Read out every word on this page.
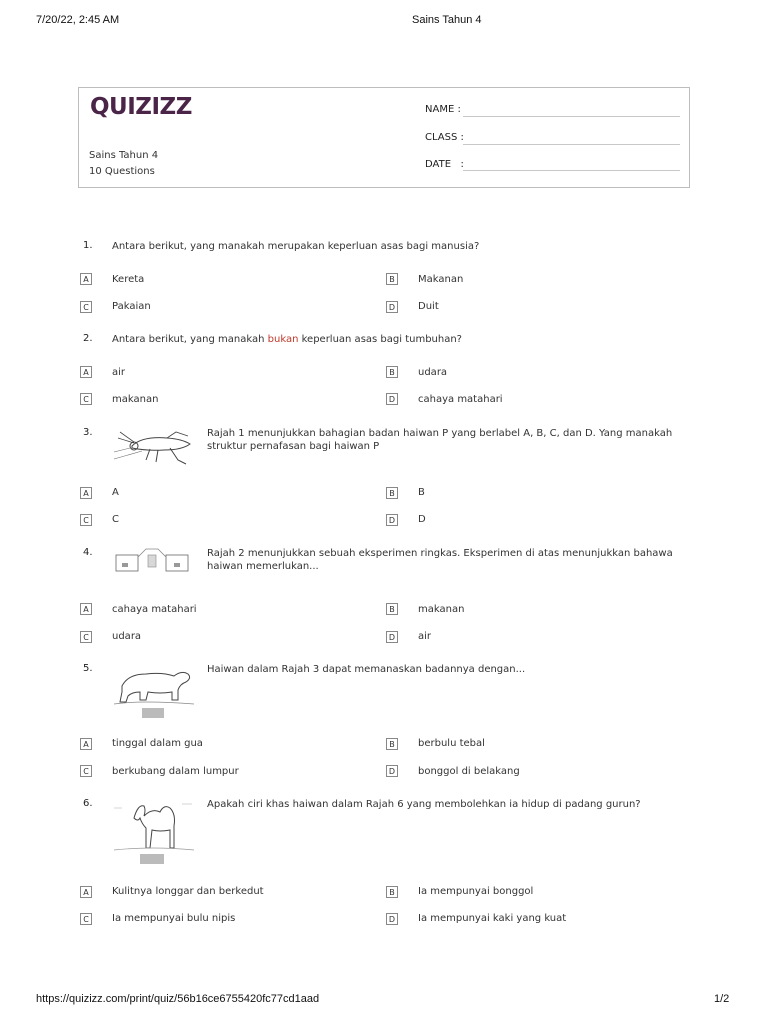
7/20/22, 2:45 AM	Sains Tahun 4
QUIZIZZ
Sains Tahun 4
10 Questions
NAME :
CLASS :
DATE   :
1. Antara berikut, yang manakah merupakan keperluan asas bagi manusia?
A	Kereta	B	Makanan
C	Pakaian	D Duit
2. Antara berikut, yang manakah bukan keperluan asas bagi tumbuhan?
A	air	B	udara
C	makanan	D cahaya matahari
3.	Rajah 1 menunjukkan bahagian badan haiwan P yang berlabel A, B, C, dan D. Yang manakah struktur pernafasan bagi haiwan P
A	A	B	B
C	C	D D
4.	Rajah 2 menunjukkan sebuah eksperimen ringkas. Eksperimen di atas menunjukkan bahawa haiwan memerlukan...
A	cahaya matahari	B	makanan
C	udara	D air
5.	Haiwan dalam Rajah 3 dapat memanaskan badannya dengan...
A	tinggal dalam gua	B	berbulu tebal
C	berkubang dalam lumpur	D bonggol di belakang
6.	Apakah ciri khas haiwan dalam Rajah 6 yang membolehkan ia hidup di padang gurun?
A	Kulitnya longgar dan berkedut	B	Ia mempunyai bonggol
C	Ia mempunyai bulu nipis	D Ia mempunyai kaki yang kuat
https://quizizz.com/print/quiz/56b16ce6755420fc77cd1aad	1/2
